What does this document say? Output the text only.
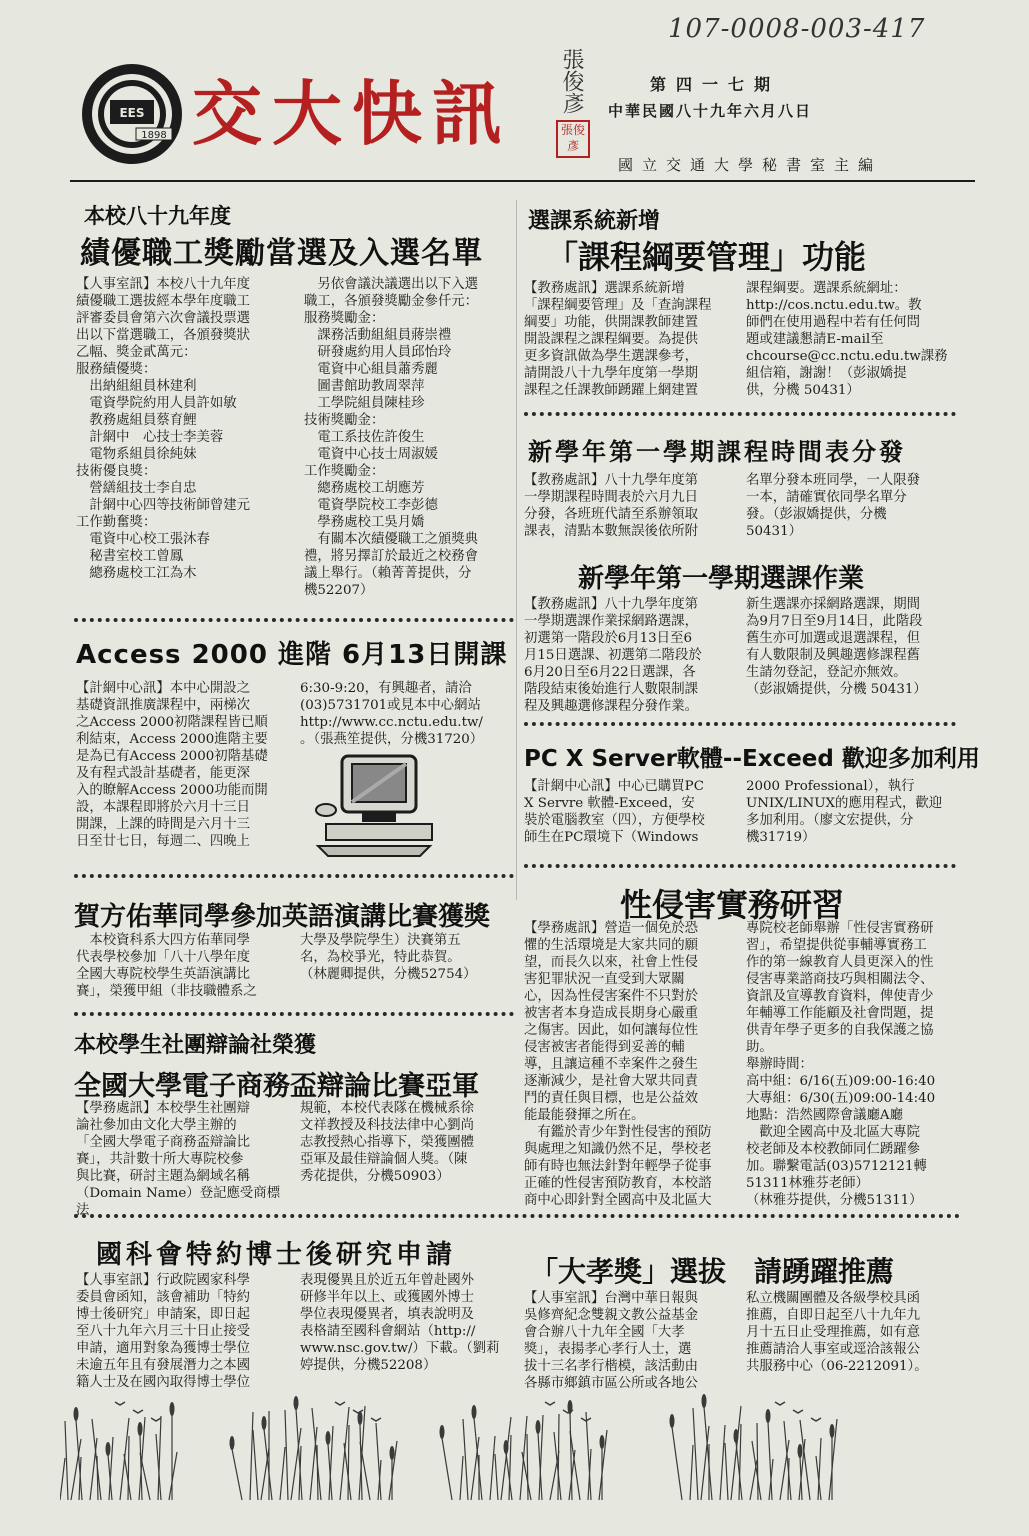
107-0008-003-417
1898
EES 交大快訊 張俊彥
張俊彥
第四一七期
中華民國八十九年六月八日
國立交通大學秘書室主編
本校八十九年度
績優職工獎勵當選及入選名單
【人事室訊】本校八十九年度
績優職工選拔經本學年度職工
評審委員會第六次會議投票選
出以下當選職工，各頒發獎狀
乙幅、獎金貳萬元：
服務績優獎：
　出納組組員林建利
　電資學院約用人員許如敏
　教務處組員蔡育鯉
　計網中　心技士李美蓉
　電物系組員徐純妹
技術優良獎：
　營繕組技士李自忠
　計網中心四等技術師曾建元
工作勤奮獎：
　電資中心校工張沐春
　秘書室校工曾鳳
　總務處校工江為木
　另依會議決議選出以下入選
職工，各頒發獎勵金參仟元：
服務獎勵金：
　課務活動組組員蔣崇禮
　研發處約用人員邱怡玲
　電資中心組員蕭秀麗
　圖書館助教周翠萍
　工學院組員陳桂珍
技術獎勵金：
　電工系技佐許俊生
　電資中心技士周淑媛
工作獎勵金：
　總務處校工胡應芳
　電資學院校工李彭德
　學務處校工吳月嬌
　有關本次績優職工之頒獎典
禮，將另擇訂於最近之校務會
議上舉行。（賴菁菁提供，分
機52207）
選課系統新增
「課程綱要管理」功能
【教務處訊】選課系統新增
「課程綱要管理」及「查詢課程
綱要」功能，供開課教師建置
開設課程之課程綱要。為提供
更多資訊做為學生選課參考，
請開設八十九學年度第一學期
課程之任課教師踴躍上網建置
課程綱要。選課系統網址：
http://cos.nctu.edu.tw。教
師們在使用過程中若有任何問
題或建議懇請E-mail至
chcourse@cc.nctu.edu.tw課務
組信箱，謝謝！（彭淑嬌提
供，分機 50431）
新學年第一學期課程時間表分發
【教務處訊】八十九學年度第
一學期課程時間表於六月九日
分發，各班班代請至系辦領取
課表，清點本數無誤後依所附
名單分發本班同學，一人限發
一本，請確實依同學名單分
發。（彭淑嬌提供，分機
50431）
新學年第一學期選課作業
【教務處訊】八十九學年度第
一學期選課作業採網路選課，
初選第一階段於6月13日至6
月15日選課、初選第二階段於
6月20日至6月22日選課，各
階段結束後始進行人數限制課
程及興趣選修課程分發作業。
新生選課亦採網路選課，期間
為9月7日至9月14日，此階段
舊生亦可加選或退選課程，但
有人數限制及興趣選修課程舊
生請勿登記，登記亦無效。
（彭淑嬌提供，分機 50431）
Access 2000 進階 6月13日開課
【計網中心訊】本中心開設之
基礎資訊推廣課程中，兩梯次
之Access 2000初階課程皆已順
利結束，Access 2000進階主要
是為已有Access 2000初階基礎
及有程式設計基礎者，能更深
入的瞭解Access 2000功能而開
設，本課程即將於六月十三日
開課，上課的時間是六月十三
日至廿七日，每週二、四晚上
6:30-9:20，有興趣者，請洽
(03)5731701或見本中心網站
http://www.cc.nctu.edu.tw/
。（張燕笙提供，分機31720）
PC X Server軟體--Exceed 歡迎多加利用
【計網中心訊】中心已購買PC
X Servre 軟體-Exceed，安
裝於電腦教室（四），方便學校
師生在PC環境下（Windows
2000 Professional），執行
UNIX/LINUX的應用程式，歡迎
多加利用。（廖文宏提供，分
機31719）
賀方佑華同學參加英語演講比賽獲獎
　本校資科系大四方佑華同學
代表學校參加「八十八學年度
全國大專院校學生英語演講比
賽」，榮獲甲組（非技職體系之
大學及學院學生）決賽第五
名，為校爭光，特此恭賀。
（林麗卿提供，分機52754）
性侵害實務研習
【學務處訊】營造一個免於恐
懼的生活環境是大家共同的願
望，而長久以來，社會上性侵
害犯罪狀況一直受到大眾關
心，因為性侵害案件不只對於
被害者本身造成長期身心嚴重
之傷害。因此，如何讓每位性
侵害被害者能得到妥善的輔
導，且讓這種不幸案件之發生
逐漸減少，是社會大眾共同責
鬥的責任與目標，也是公益效
能最能發揮之所在。
　有鑑於青少年對性侵害的預防
與處理之知識仍然不足，學校老
師有時也無法針對年輕學子從事
正確的性侵害預防教育，本校諮
商中心即針對全國高中及北區大
專院校老師舉辦「性侵害實務研
習」，希望提供從事輔導實務工
作的第一線教育人員更深入的性
侵害專業諮商技巧與相關法令、
資訊及宣導教育資料，俾使青少
年輔導工作能顧及社會問題，提
供青年學子更多的自我保護之協
助。
舉辦時間：
高中組：6/16(五)09:00-16:40
大專組：6/30(五)09:00-14:40
地點：浩然國際會議廳A廳
　歡迎全國高中及北區大專院
校老師及本校教師同仁踴躍參
加。聯繫電話(03)5712121轉
51311林雅芬老師）
（林雅芬提供，分機51311）
本校學生社團辯論社榮獲
全國大學電子商務盃辯論比賽亞軍
【學務處訊】本校學生社團辯
論社參加由文化大學主辦的
「全國大學電子商務盃辯論比
賽」，共計數十所大專院校參
與比賽，研討主題為網域名稱
（Domain Name）登記應受商標法
規範，本校代表隊在機械系徐
文祥教授及科技法律中心劉尚
志教授熱心指導下，榮獲團體
亞軍及最佳辯論個人獎。（陳
秀花提供，分機50903）
國科會特約博士後研究申請
【人事室訊】行政院國家科學
委員會函知，該會補助「特約
博士後研究」申請案，即日起
至八十九年六月三十日止接受
申請，適用對象為獲博士學位
未逾五年且有發展潛力之本國
籍人士及在國內取得博士學位
表現優異且於近五年曾赴國外
研修半年以上、或獲國外博士
學位表現優異者，填表說明及
表格請至國科會網站（http://
www.nsc.gov.tw/）下載。（劉莉
婷提供，分機52208）
「大孝獎」選拔　請踴躍推薦
【人事室訊】台灣中華日報與
吳修齊紀念雙親文教公益基金
會合辦八十九年全國「大孝
獎」，表揚孝心孝行人士，選
拔十三名孝行楷模，該活動由
各縣市鄉鎮市區公所或各地公
私立機關團體及各級學校具函
推薦，自即日起至八十九年九
月十五日止受理推薦，如有意
推薦請洽人事室或逕洽該報公
共服務中心（06-2212091）。
